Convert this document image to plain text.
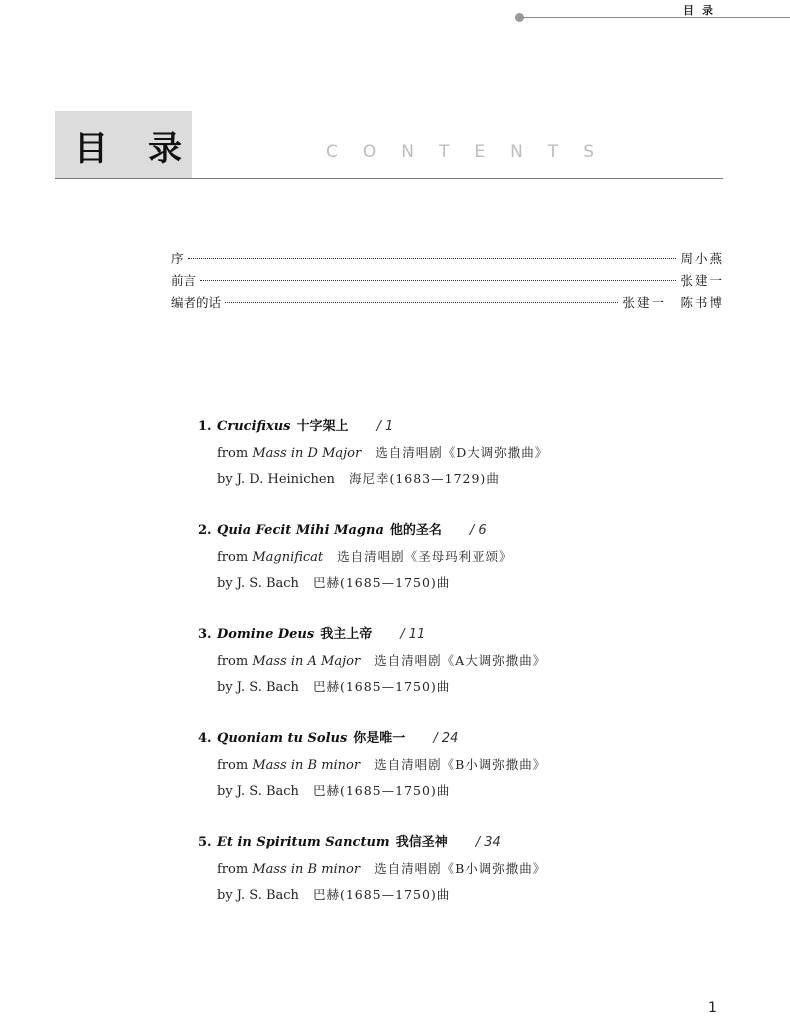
目录
目录	CONTENTS
序	周小燕
前言	张建一
编者的话	张建一　陈书博
1. Crucifixus 十字架上 / 1
from Mass in D Major 选自清唱剧《D大调弥撒曲》
by J. D. Heinichen 海尼幸(1683—1729)曲
2. Quia Fecit Mihi Magna 他的圣名 / 6
from Magnificat 选自清唱剧《圣母玛利亚颂》
by J. S. Bach 巴赫(1685—1750)曲
3. Domine Deus 我主上帝 / 11
from Mass in A Major 选自清唱剧《A大调弥撒曲》
by J. S. Bach 巴赫(1685—1750)曲
4. Quoniam tu Solus 你是唯一 / 24
from Mass in B minor 选自清唱剧《B小调弥撒曲》
by J. S. Bach 巴赫(1685—1750)曲
5. Et in Spiritum Sanctum 我信圣神 / 34
from Mass in B minor 选自清唱剧《B小调弥撒曲》
by J. S. Bach 巴赫(1685—1750)曲
1
